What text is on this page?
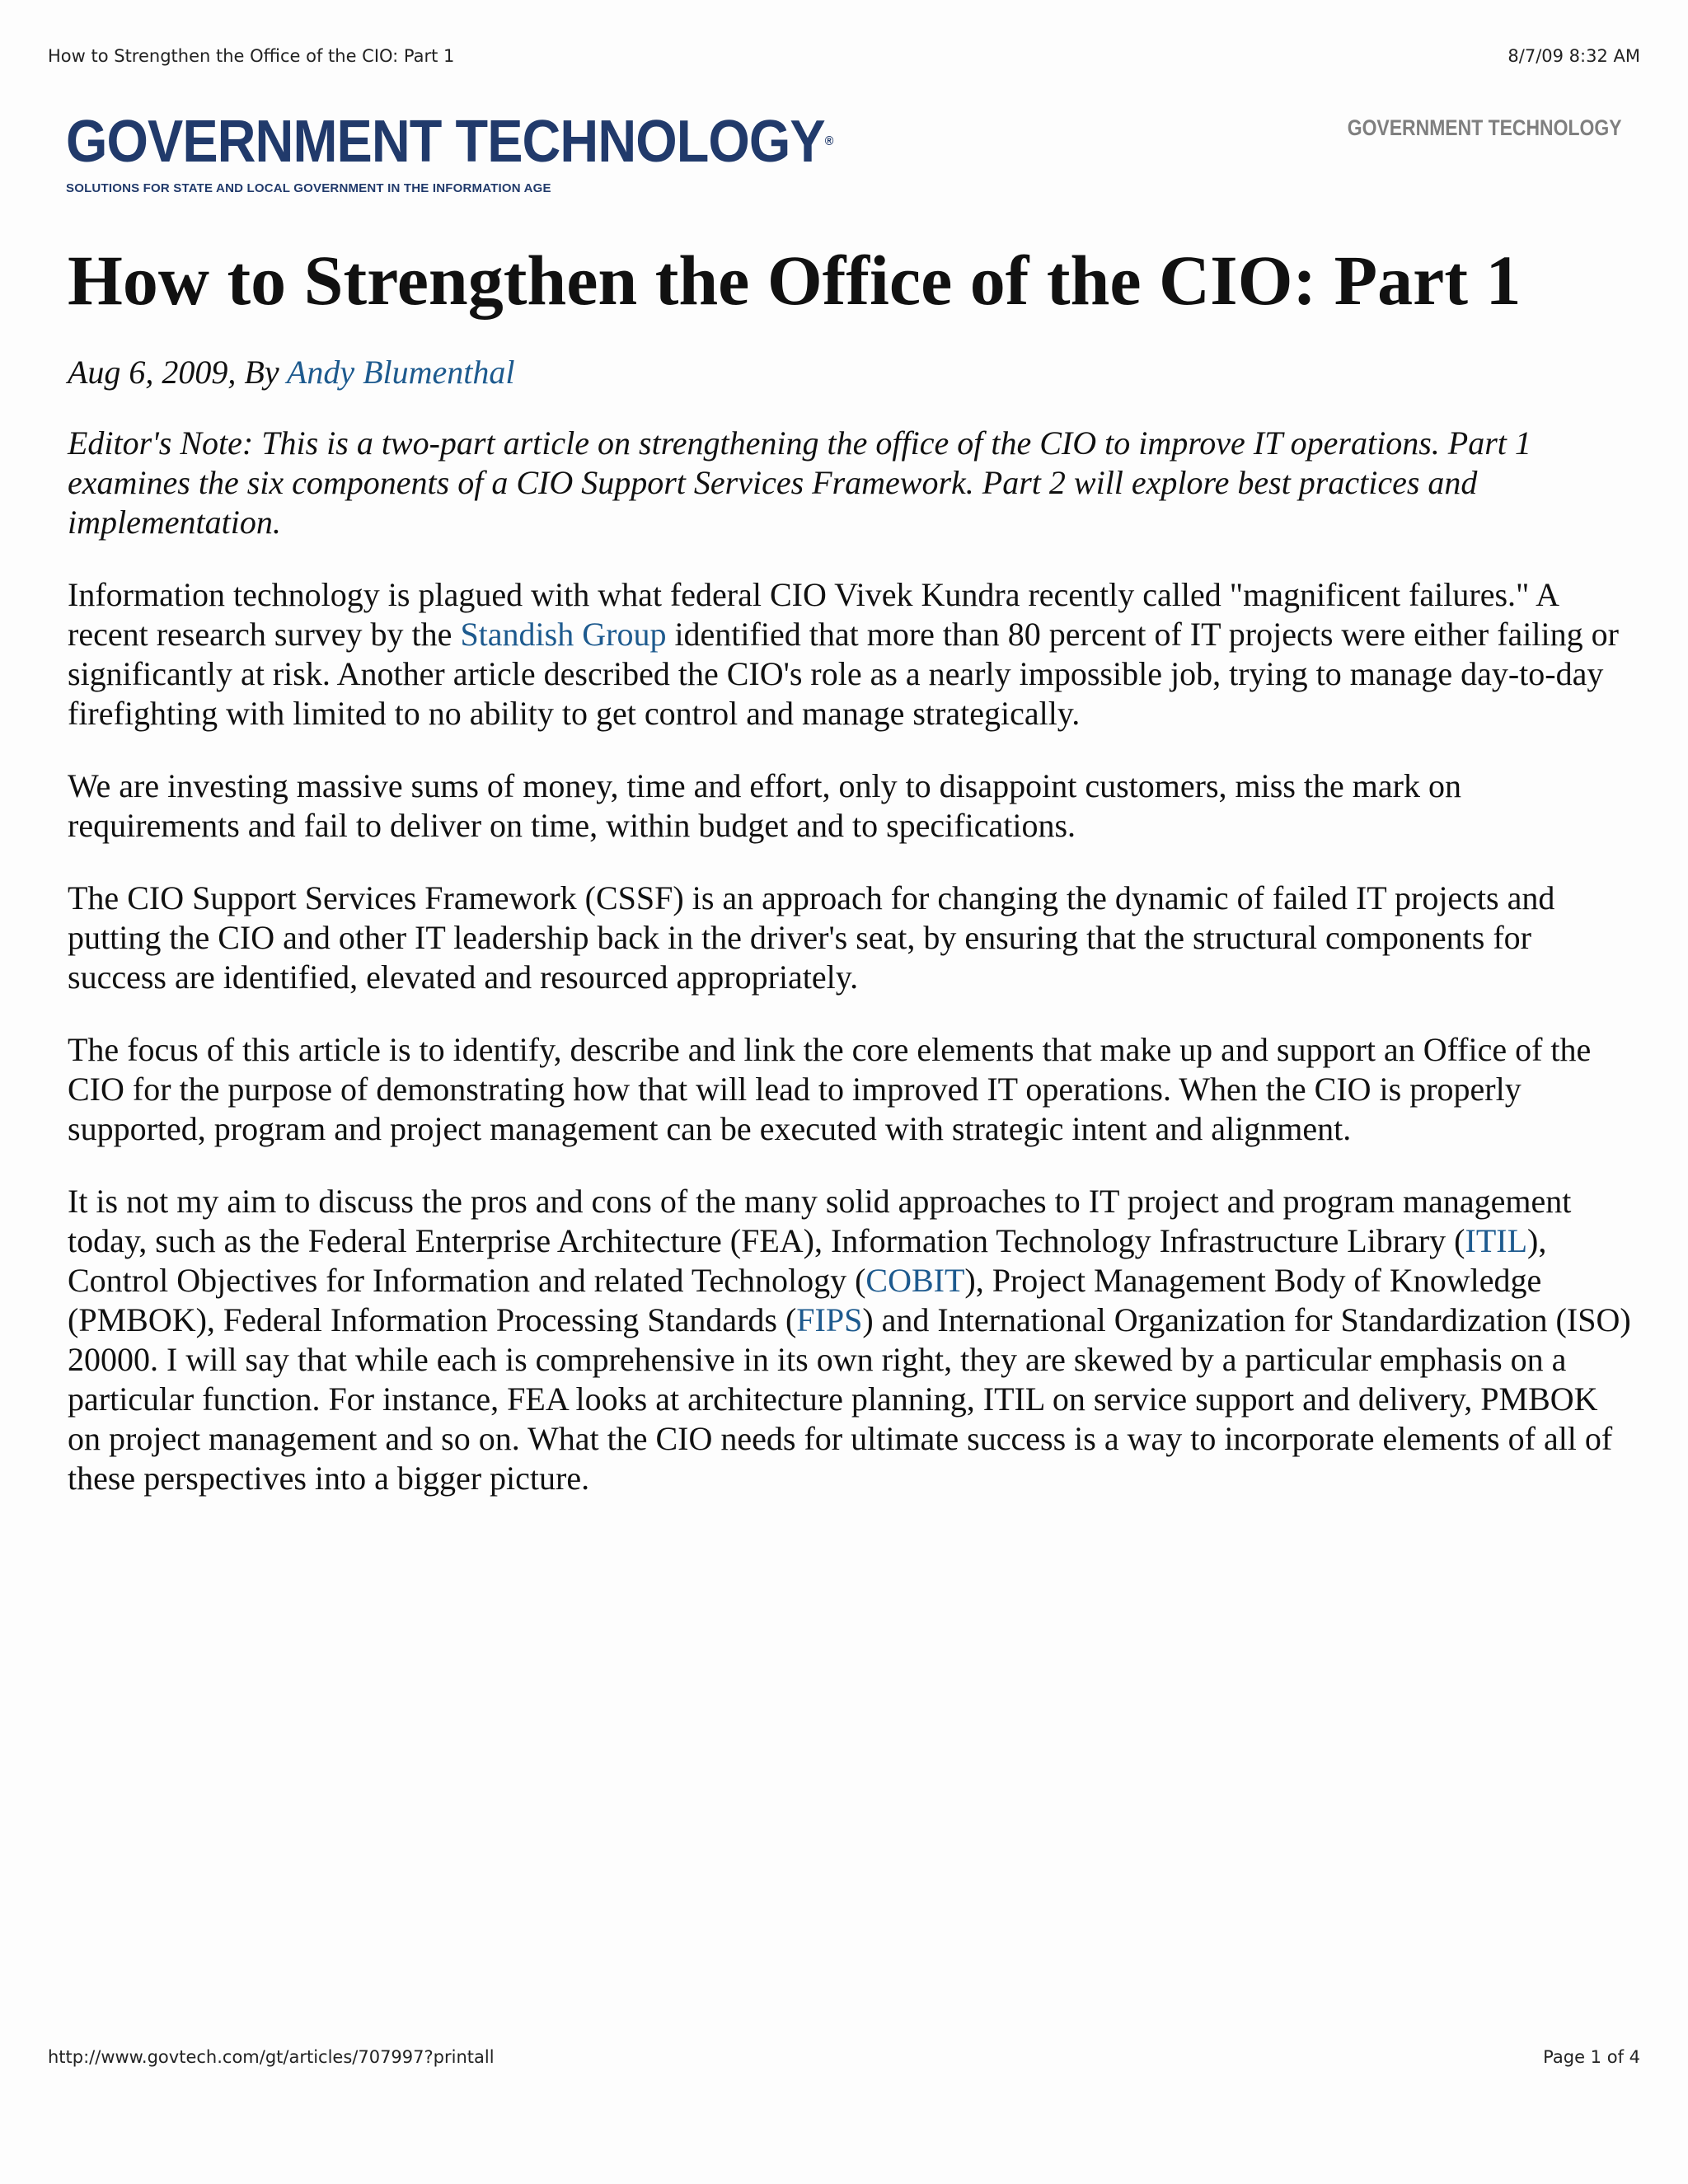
How to Strengthen the Office of the CIO: Part 1	8/7/09 8:32 AM
GOVERNMENT TECHNOLOGY®
SOLUTIONS FOR STATE AND LOCAL GOVERNMENT IN THE INFORMATION AGE
GOVERNMENT TECHNOLOGY
How to Strengthen the Office of the CIO: Part 1
Aug 6, 2009, By Andy Blumenthal
Editor's Note: This is a two-part article on strengthening the office of the CIO to improve IT operations. Part 1 examines the six components of a CIO Support Services Framework. Part 2 will explore best practices and implementation.

Information technology is plagued with what federal CIO Vivek Kundra recently called "magnificent failures." A recent research survey by the Standish Group identified that more than 80 percent of IT projects were either failing or significantly at risk. Another article described the CIO's role as a nearly impossible job, trying to manage day-to-day firefighting with limited to no ability to get control and manage strategically.

We are investing massive sums of money, time and effort, only to disappoint customers, miss the mark on requirements and fail to deliver on time, within budget and to specifications.

The CIO Support Services Framework (CSSF) is an approach for changing the dynamic of failed IT projects and putting the CIO and other IT leadership back in the driver's seat, by ensuring that the structural components for success are identified, elevated and resourced appropriately.

The focus of this article is to identify, describe and link the core elements that make up and support an Office of the CIO for the purpose of demonstrating how that will lead to improved IT operations. When the CIO is properly supported, program and project management can be executed with strategic intent and alignment.

It is not my aim to discuss the pros and cons of the many solid approaches to IT project and program management today, such as the Federal Enterprise Architecture (FEA), Information Technology Infrastructure Library (ITIL), Control Objectives for Information and related Technology (COBIT), Project Management Body of Knowledge (PMBOK), Federal Information Processing Standards (FIPS) and International Organization for Standardization (ISO) 20000. I will say that while each is comprehensive in its own right, they are skewed by a particular emphasis on a particular function. For instance, FEA looks at architecture planning, ITIL on service support and delivery, PMBOK on project management and so on. What the CIO needs for ultimate success is a way to incorporate elements of all of these perspectives into a bigger picture.

http://www.govtech.com/gt/articles/707997?printall	Page 1 of 4
